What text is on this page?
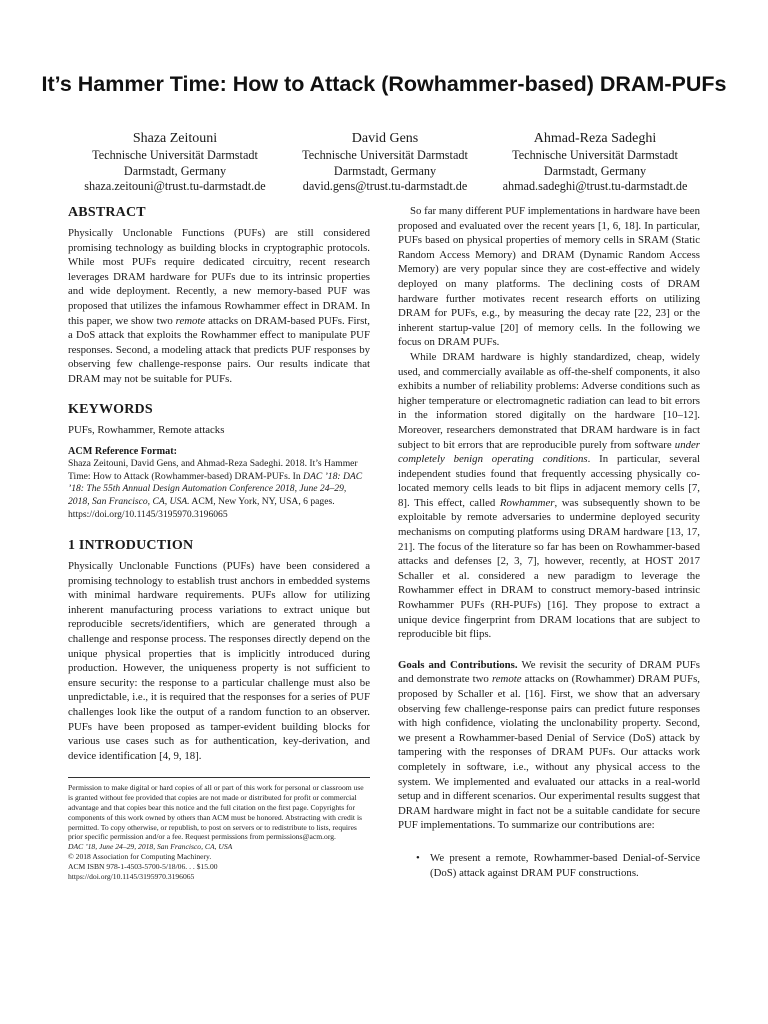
It’s Hammer Time: How to Attack (Rowhammer-based) DRAM-PUFs
Shaza Zeitouni
Technische Universität Darmstadt
Darmstadt, Germany
shaza.zeitouni@trust.tu-darmstadt.de
David Gens
Technische Universität Darmstadt
Darmstadt, Germany
david.gens@trust.tu-darmstadt.de
Ahmad-Reza Sadeghi
Technische Universität Darmstadt
Darmstadt, Germany
ahmad.sadeghi@trust.tu-darmstadt.de
ABSTRACT

Physically Unclonable Functions (PUFs) are still considered promising technology as building blocks in cryptographic protocols. While most PUFs require dedicated circuitry, recent research leverages DRAM hardware for PUFs due to its intrinsic properties and wide deployment. Recently, a new memory-based PUF was proposed that utilizes the infamous Rowhammer effect in DRAM. In this paper, we show two remote attacks on DRAM-based PUFs. First, a DoS attack that exploits the Rowhammer effect to manipulate PUF responses. Second, a modeling attack that predicts PUF responses by observing few challenge-response pairs. Our results indicate that DRAM may not be suitable for PUFs.

KEYWORDS

PUFs, Rowhammer, Remote attacks

ACM Reference Format:

Shaza Zeitouni, David Gens, and Ahmad-Reza Sadeghi. 2018. It’s Hammer Time: How to Attack (Rowhammer-based) DRAM-PUFs. In DAC ’18: DAC ’18: The 55th Annual Design Automation Conference 2018, June 24–29, 2018, San Francisco, CA, USA. ACM, New York, NY, USA, 6 pages. https://doi.org/10.1145/3195970.3196065

1 INTRODUCTION

Physically Unclonable Functions (PUFs) have been considered a promising technology to establish trust anchors in embedded systems with minimal hardware requirements. PUFs allow for utilizing inherent manufacturing process variations to extract unique but reproducible secrets/identifiers, which are generated through a challenge and response process. The responses directly depend on the unique physical properties that is implicitly introduced during production. However, the uniqueness property is not sufficient to ensure security: the response to a particular challenge must also be unpredictable, i.e., it is required that the responses for a series of PUF challenges look like the output of a random function to an observer. PUFs have been proposed as tamper-evident building blocks for various use cases such as for authentication, key-derivation, and device identification [4, 9, 18].

Permission to make digital or hard copies of all or part of this work for personal or classroom use is granted without fee provided that copies are not made or distributed for profit or commercial advantage and that copies bear this notice and the full citation on the first page. Copyrights for components of this work owned by others than ACM must be honored. Abstracting with credit is permitted. To copy otherwise, or republish, to post on servers or to redistribute to lists, requires prior specific permission and/or a fee. Request permissions from permissions@acm.org.

DAC ’18, June 24–29, 2018, San Francisco, CA, USA

© 2018 Association for Computing Machinery.

ACM ISBN 978-1-4503-5700-5/18/06. . . $15.00

https://doi.org/10.1145/3195970.3196065

So far many different PUF implementations in hardware have been proposed and evaluated over the recent years [1, 6, 18]. In particular, PUFs based on physical properties of memory cells in SRAM (Static Random Access Memory) and DRAM (Dynamic Random Access Memory) are very popular since they are cost-effective and widely deployed on many platforms. The declining costs of DRAM hardware further motivates recent research efforts on utilizing DRAM for PUFs, e.g., by measuring the decay rate [22, 23] or the inherent startup-value [20] of memory cells. In the following we focus on DRAM PUFs.

While DRAM hardware is highly standardized, cheap, widely used, and commercially available as off-the-shelf components, it also exhibits a number of reliability problems: Adverse conditions such as higher temperature or electromagnetic radiation can lead to bit errors in the information stored digitally on the hardware [10–12]. Moreover, researchers demonstrated that DRAM hardware is in fact subject to bit errors that are reproducible purely from software under completely benign operating conditions. In particular, several independent studies found that frequently accessing physically co-located memory cells leads to bit flips in adjacent memory cells [7, 8]. This effect, called Rowhammer, was subsequently shown to be exploitable by remote adversaries to undermine deployed security mechanisms on computing platforms using DRAM hardware [13, 17, 21]. The focus of the literature so far has been on Rowhammer-based attacks and defenses [2, 3, 7], however, recently, at HOST 2017 Schaller et al. considered a new paradigm to leverage the Rowhammer effect in DRAM to construct memory-based intrinsic Rowhammer PUFs (RH-PUFs) [16]. They propose to extract a unique device fingerprint from DRAM locations that are subject to reproducible bit flips.

Goals and Contributions. We revisit the security of DRAM PUFs and demonstrate two remote attacks on (Rowhammer) DRAM PUFs, proposed by Schaller et al. [16]. First, we show that an adversary observing few challenge-response pairs can predict future responses with high confidence, violating the unclonability property. Second, we present a Rowhammer-based Denial of Service (DoS) attack by tampering with the responses of DRAM PUFs. Our attacks work completely in software, i.e., without any physical access to the system. We implemented and evaluated our attacks in a real-world setup and in different scenarios. Our experimental results suggest that DRAM hardware might in fact not be a suitable candidate for secure PUF implementations. To summarize our contributions are:

• We present a remote, Rowhammer-based Denial-of-Service (DoS) attack against DRAM PUF constructions.
